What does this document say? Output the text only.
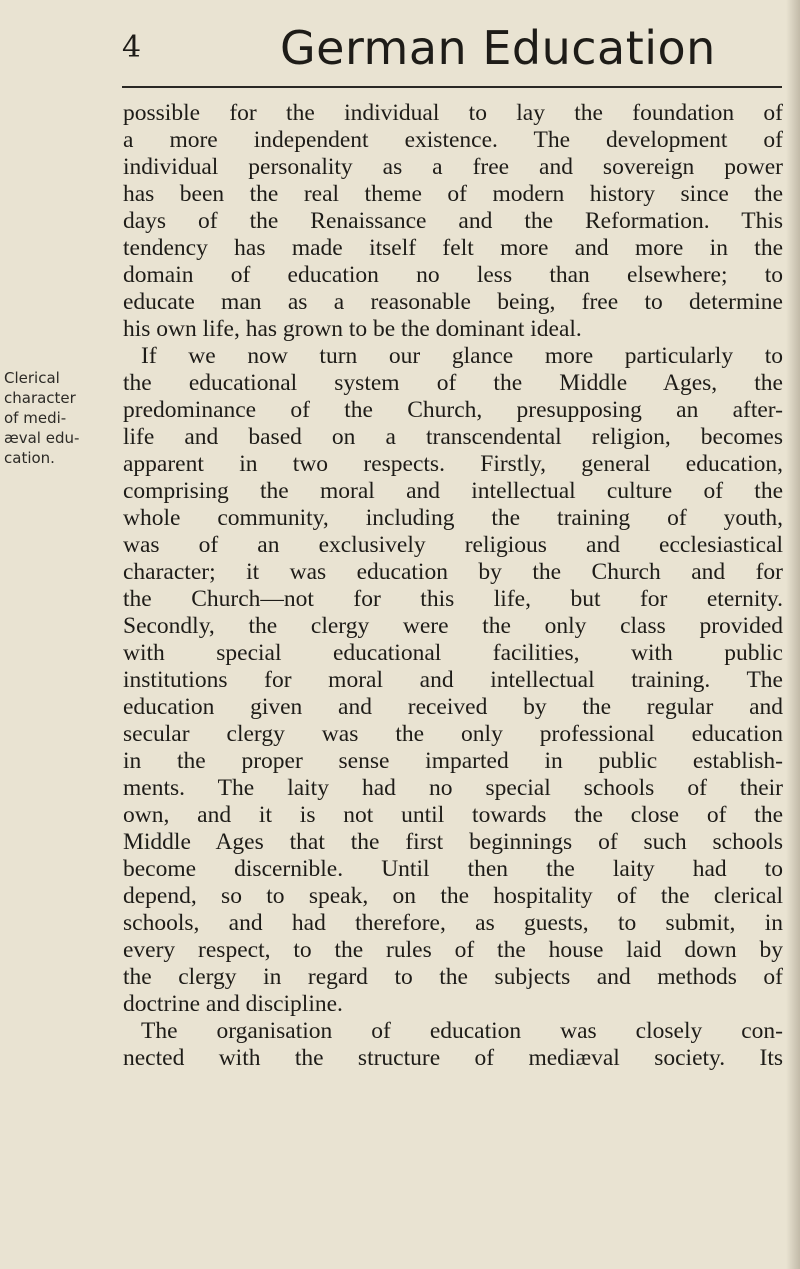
4	German Education
Clerical
character
of medi-
æval edu-
cation.
possible for the individual to lay the foundation of
a more independent existence. The development of
individual personality as a free and sovereign power
has been the real theme of modern history since the
days of the Renaissance and the Reformation. This
tendency has made itself felt more and more in the
domain of education no less than elsewhere; to
educate man as a reasonable being, free to determine
his own life, has grown to be the dominant ideal.
If we now turn our glance more particularly to
the educational system of the Middle Ages, the
predominance of the Church, presupposing an after-
life and based on a transcendental religion, becomes
apparent in two respects. Firstly, general education,
comprising the moral and intellectual culture of the
whole community, including the training of youth,
was of an exclusively religious and ecclesiastical
character; it was education by the Church and for
the Church—not for this life, but for eternity.
Secondly, the clergy were the only class provided
with special educational facilities, with public
institutions for moral and intellectual training. The
education given and received by the regular and
secular clergy was the only professional education
in the proper sense imparted in public establish-
ments. The laity had no special schools of their
own, and it is not until towards the close of the
Middle Ages that the first beginnings of such schools
become discernible. Until then the laity had to
depend, so to speak, on the hospitality of the clerical
schools, and had therefore, as guests, to submit, in
every respect, to the rules of the house laid down by
the clergy in regard to the subjects and methods of
doctrine and discipline.
The organisation of education was closely con-
nected with the structure of mediæval society. Its
